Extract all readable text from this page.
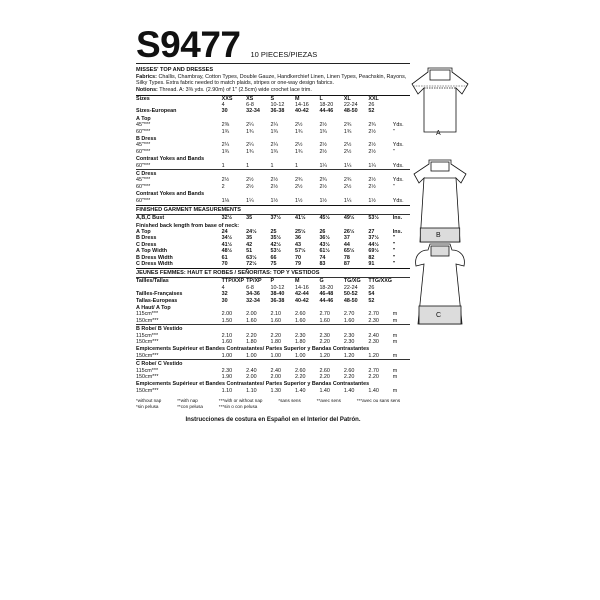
S9477 10 PIECES/PIEZAS
MISSES' TOP AND DRESSES
Fabrics: Challis, Chambray, Cotton Types, Double Gauze, Handkerchief Linen, Linen Types, Peachskin, Rayons, Silky Types. Extra fabric needed to match plaids, stripes or one-way design fabrics.
Notions: Thread. A: 3⅜ yds. (2.90m) of 1" (2.5cm) wide crochet lace trim.
Sizes	XXS	XS	S	M	L	XL	XXL	
	4	6-8	10-12	14-16	18-20	22-24	26	
Sizes-European	30	32-34	36-38	40-42	44-46	48-50	52	
A Top								
45"***	2⅜	2¼	2¼	2½	2½	2¾	2¾	Yds.
60"***	1¾	1¾	1¾	1¾	1¾	1¾	2½	"
B Dress								
45"***	2¼	2¼	2¼	2½	2½	2½	2½	Yds.
60"***	1¾	1¾	1¾	1¾	2½	2½	2½	"
Contrast Yokes and Bands								
60"***	1	1	1	1	1¼	1¼	1¼	Yds.
C Dress								
45"***	2½	2½	2½	2¾	2¾	2¾	2½	Yds.
60"***	2	2½	2½	2½	2½	2½	2½	"
Contrast Yokes and Bands								
60"***	1⅛	1¼	1½	1½	1½	1¼	1½	Yds.
FINISHED GARMENT MEASUREMENTS
A,B,C Bust	32½	35	37½	41½	45½	49½	53½	Ins.
Finished back length from base of neck:								
A Top	24	24½	25	25½	26	26½	27	Ins.
B Dress	34½	35	35½	36	36½	37	37½	"
C Dress	41½	42	42½	43	43½	44	44½	"
A Top Width	48½	51	53½	57½	61½	65½	69½	"
B Dress Width	61	63½	66	70	74	78	82	"
C Dress Width	70	72½	75	79	83	87	91	"
JEUNES FEMMES: HAUT ET ROBES / SEÑORITAS: TOP Y VESTIDOS
Tailles/Tallas	TTP/XXP	TP/XP	P	M	G	TG/XG	TTG/XXG	
	4	6-8	10-12	14-16	18-20	22-24	26	
Tailles-Françaises	32	34-36	38-40	42-44	46-48	50-52	54	
Tallas-Europeas	30	32-34	36-38	40-42	44-46	48-50	52	
A Haut/ A Top								
115cm***	2.00	2.00	2.10	2.60	2.70	2.70	2.70	m
150cm***	1.50	1.60	1.60	1.60	1.60	1.60	2.30	m
B Robe/ B Vestido								
115cm***	2.10	2.20	2.20	2.30	2.30	2.30	2.40	m
150cm***	1.60	1.80	1.80	1.80	2.20	2.30	2.30	m
Empìcements Supérieur et Bandes Contrastantes/ Partes Superior y Bandas Contrastantes								
150cm***	1.00	1.00	1.00	1.00	1.20	1.20	1.20	m
C Robe/ C Vestido								
115cm***	2.30	2.40	2.40	2.60	2.60	2.60	2.70	m
150cm***	1.90	2.00	2.00	2.20	2.20	2.20	2.20	m
Empìcements Supérieur et Bandes Contrastantes/ Partes Superior y Bandas Contrastantes								
150cm***	1.10	1.10	1.30	1.40	1.40	1.40	1.40	m
*without nap	**with nap	***with or without nap	*sans sens	**avec sens	***avec ou sans sens
*sin pelusa	**con pelusa	***sin o con pelusa
Instrucciones de costura en Español en el Interior del Patrón.
A
B
C
